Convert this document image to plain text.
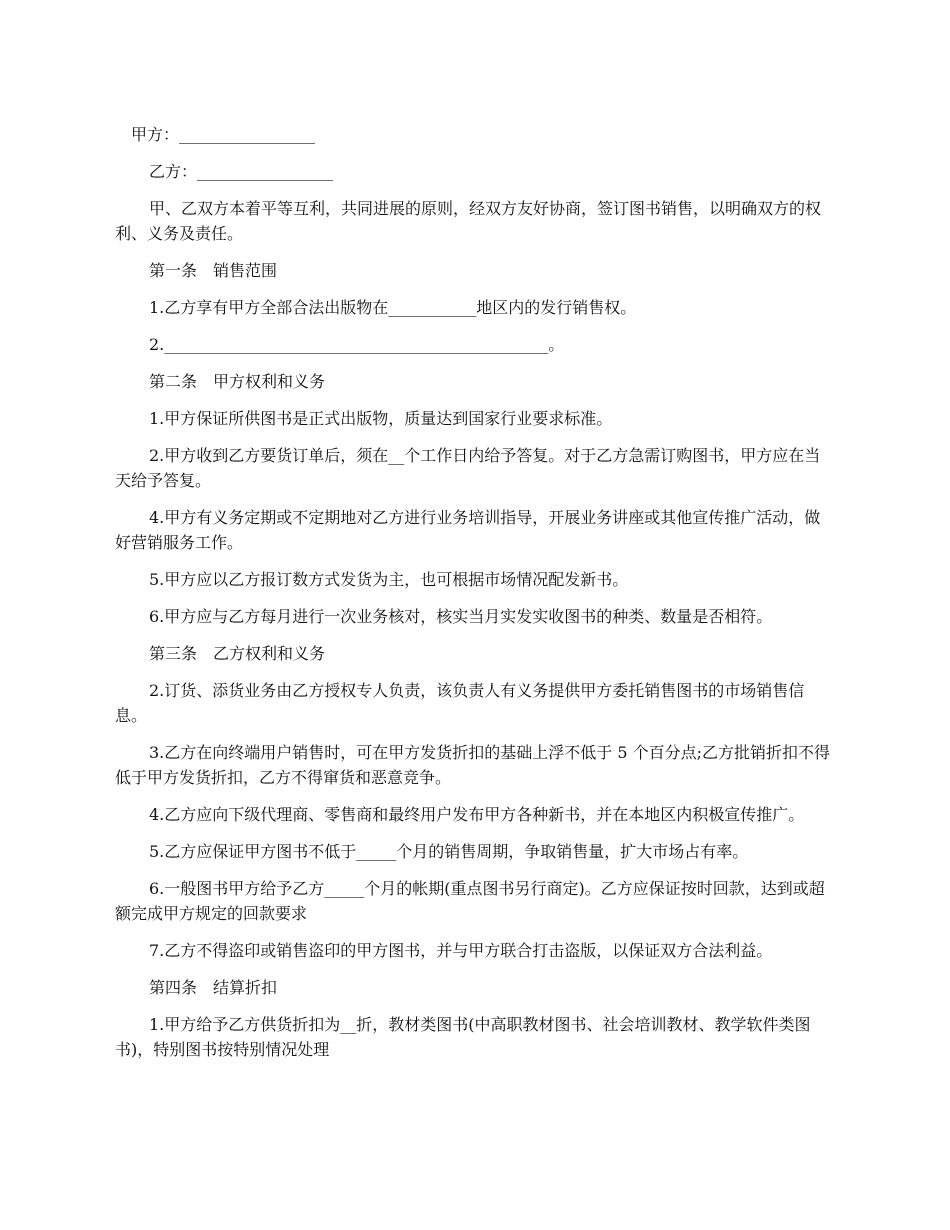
甲方：_________________

乙方：_________________

甲、乙双方本着平等互利，共同进展的原则，经双方友好协商，签订图书销售，以明确双方的权利、义务及责任。

第一条　销售范围

1.乙方享有甲方全部合法出版物在___________地区内的发行销售权。

2.________________________________________________。

第二条　甲方权利和义务

1.甲方保证所供图书是正式出版物，质量达到国家行业要求标准。

2.甲方收到乙方要货订单后，须在__个工作日内给予答复。对于乙方急需订购图书，甲方应在当天给予答复。

4.甲方有义务定期或不定期地对乙方进行业务培训指导，开展业务讲座或其他宣传推广活动，做好营销服务工作。

5.甲方应以乙方报订数方式发货为主，也可根据市场情况配发新书。

6.甲方应与乙方每月进行一次业务核对，核实当月实发实收图书的种类、数量是否相符。

第三条　乙方权利和义务

2.订货、添货业务由乙方授权专人负责，该负责人有义务提供甲方委托销售图书的市场销售信息。

3.乙方在向终端用户销售时，可在甲方发货折扣的基础上浮不低于 5 个百分点;乙方批销折扣不得低于甲方发货折扣，乙方不得窜货和恶意竞争。

4.乙方应向下级代理商、零售商和最终用户发布甲方各种新书，并在本地区内积极宣传推广。

5.乙方应保证甲方图书不低于_____个月的销售周期，争取销售量，扩大市场占有率。

6.一般图书甲方给予乙方_____个月的帐期(重点图书另行商定)。乙方应保证按时回款，达到或超额完成甲方规定的回款要求

7.乙方不得盗印或销售盗印的甲方图书，并与甲方联合打击盗版，以保证双方合法利益。

第四条　结算折扣

1.甲方给予乙方供货折扣为__折，教材类图书(中高职教材图书、社会培训教材、教学软件类图书)，特别图书按特别情况处理
